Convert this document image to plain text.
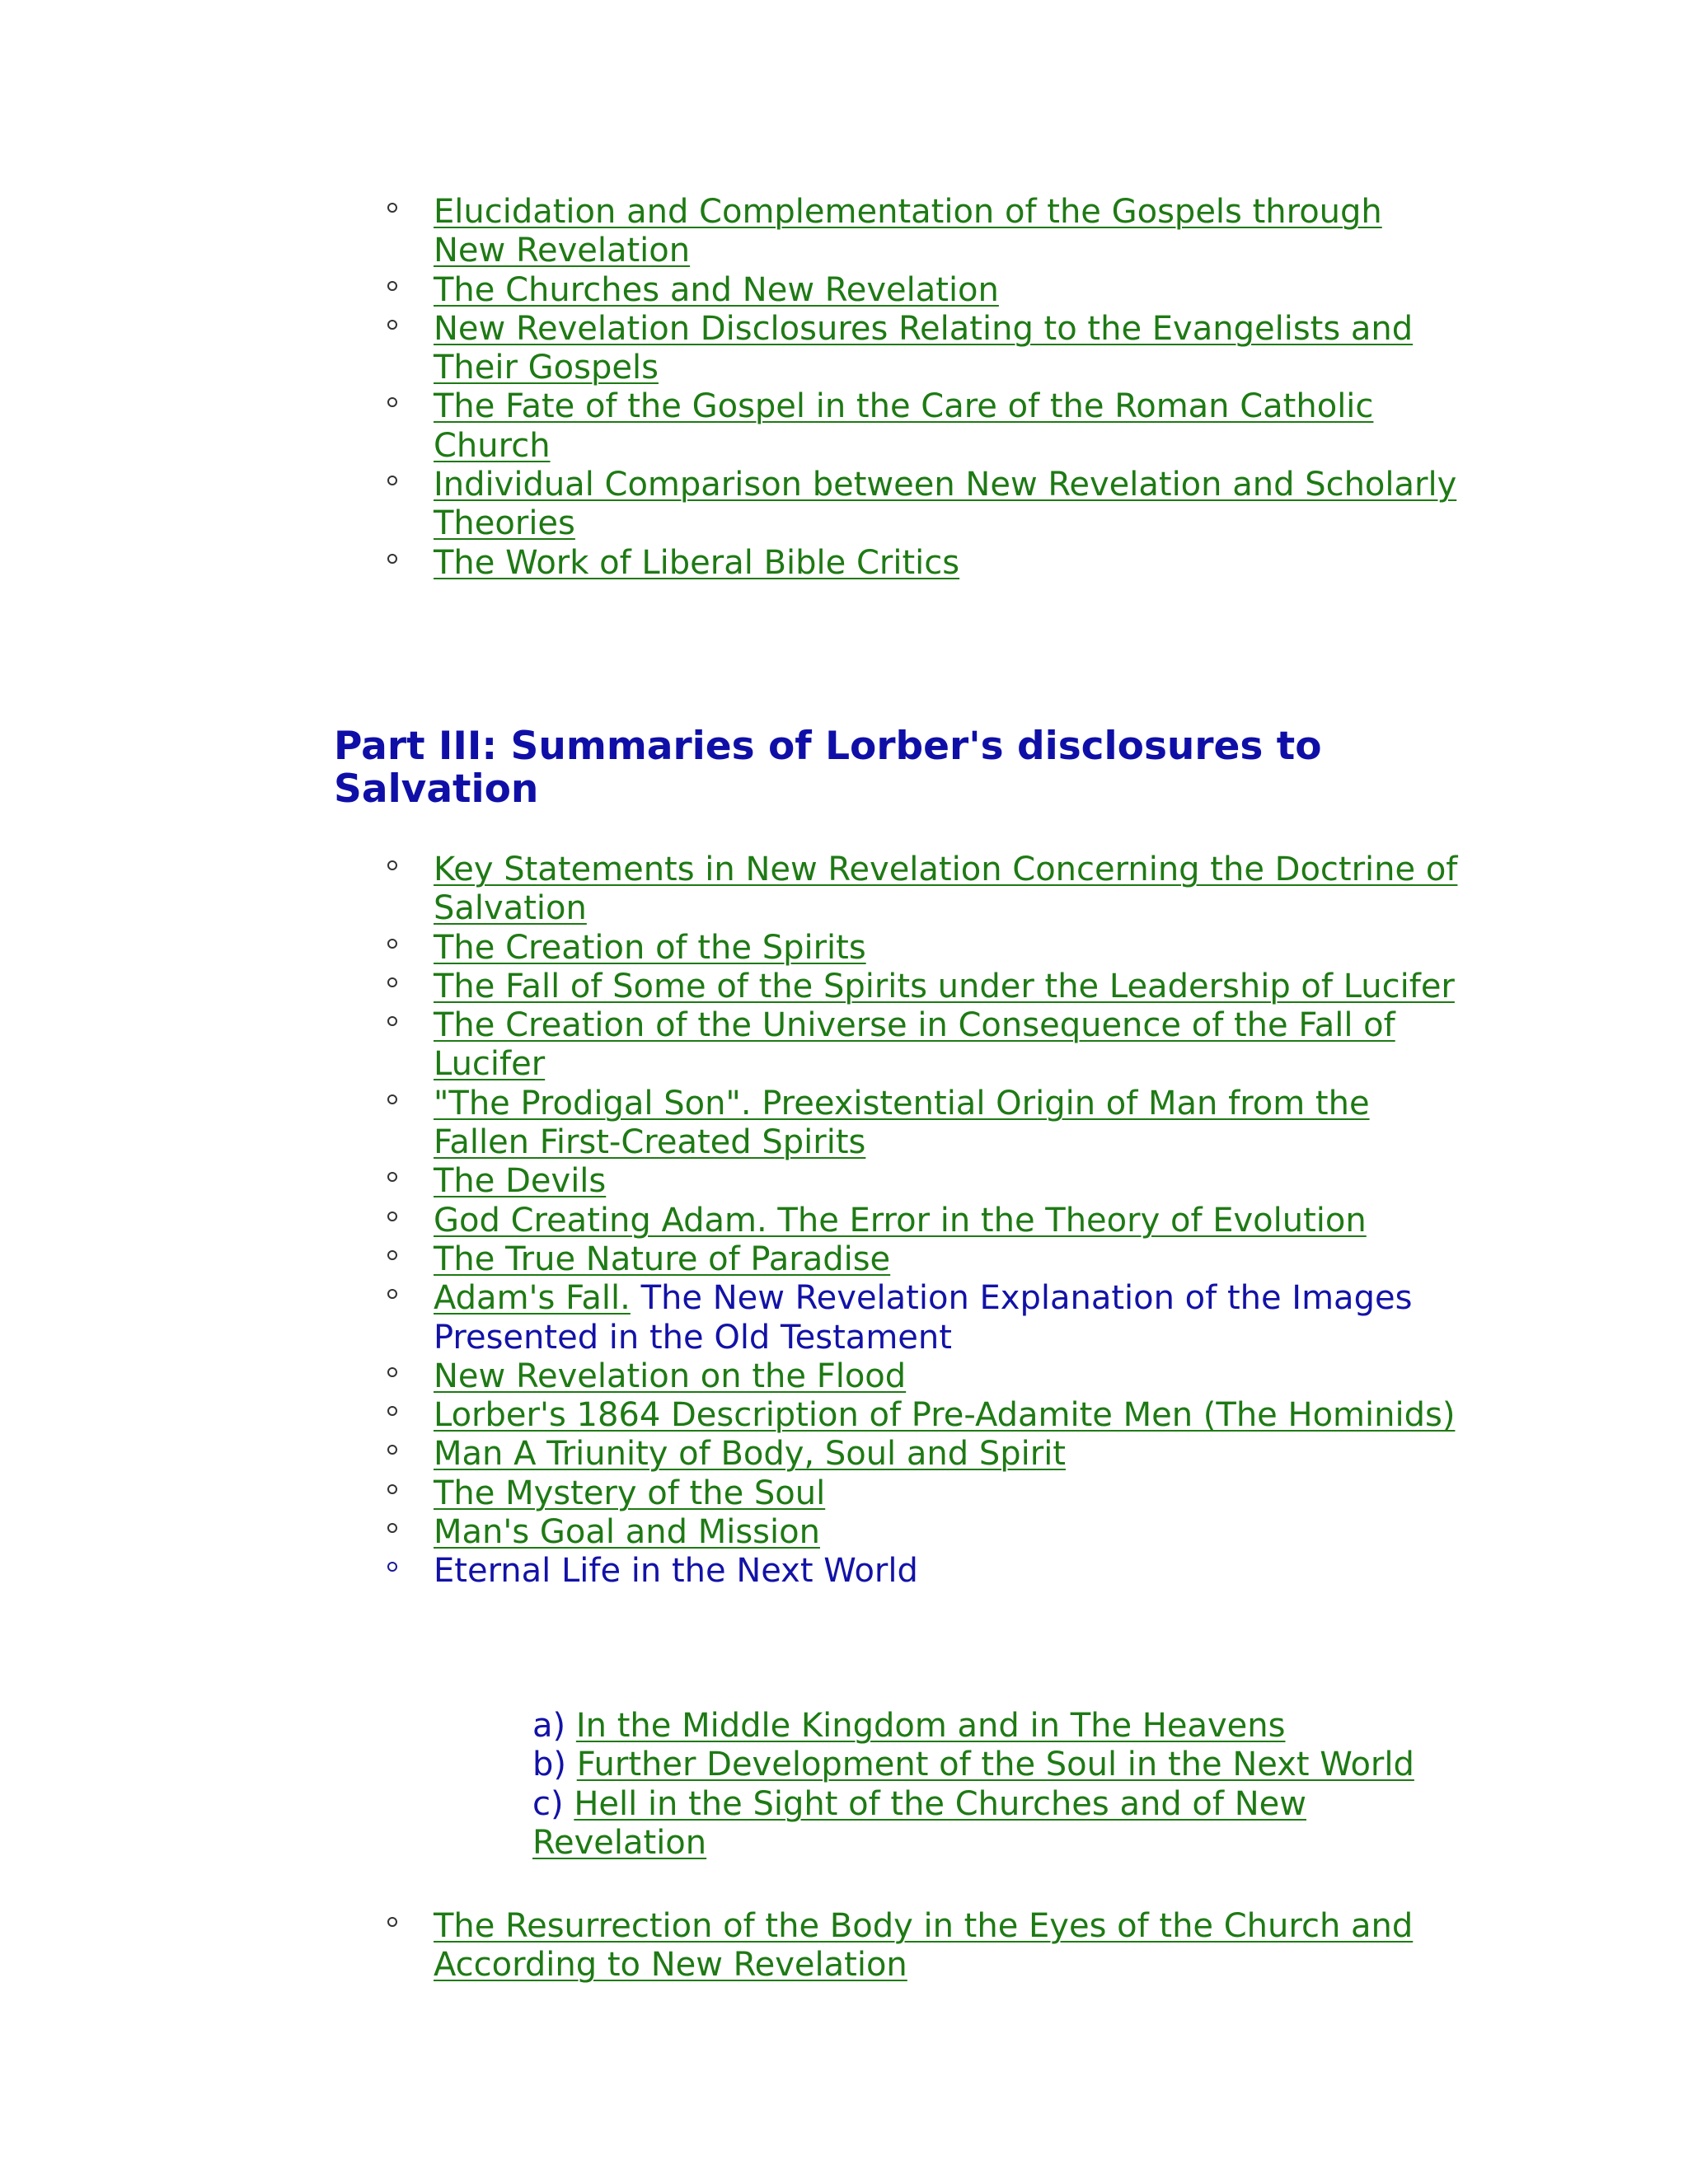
Elucidation and Complementation of the Gospels through New Revelation
The Churches and New Revelation
New Revelation Disclosures Relating to the Evangelists and Their Gospels
The Fate of the Gospel in the Care of the Roman Catholic Church
Individual Comparison between New Revelation and Scholarly Theories
The Work of Liberal Bible Critics
Part III: Summaries of Lorber's disclosures to Salvation
Key Statements in New Revelation Concerning the Doctrine of Salvation
The Creation of the Spirits
The Fall of Some of the Spirits under the Leadership of Lucifer
The Creation of the Universe in Consequence of the Fall of Lucifer
"The Prodigal Son". Preexistential Origin of Man from the Fallen First-Created Spirits
The Devils
God Creating Adam. The Error in the Theory of Evolution
The True Nature of Paradise
Adam's Fall. The New Revelation Explanation of the Images Presented in the Old Testament
New Revelation on the Flood
Lorber's 1864 Description of Pre-Adamite Men (The Hominids)
Man A Triunity of Body, Soul and Spirit
The Mystery of the Soul
Man's Goal and Mission
Eternal Life in the Next World
a) In the Middle Kingdom and in The Heavens
b) Further Development of the Soul in the Next World
c) Hell in the Sight of the Churches and of New Revelation
The Resurrection of the Body in the Eyes of the Church and According to New Revelation
